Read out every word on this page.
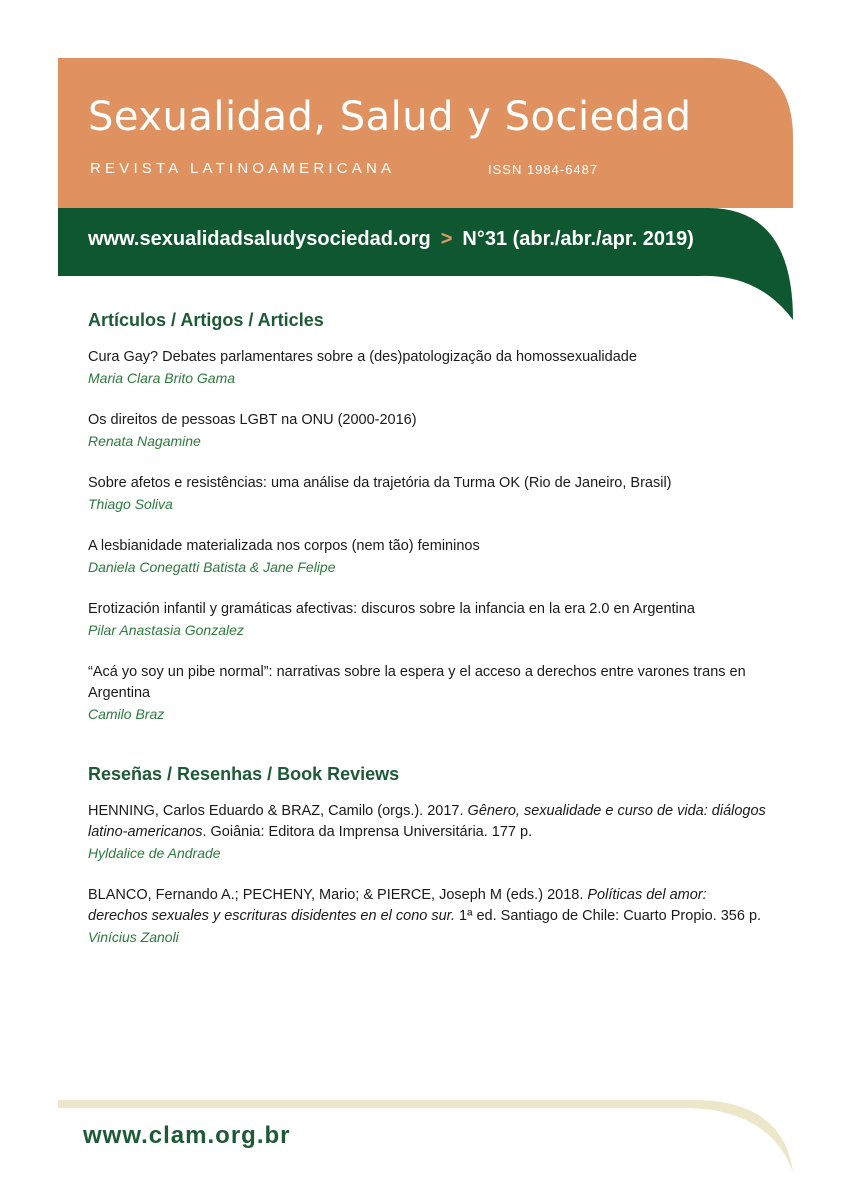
Sexualidad, Salud y Sociedad
REVISTA LATINOAMERICANA	ISSN 1984-6487
www.sexualidadsaludysociedad.org > N°31 (abr./abr./apr. 2019)
Artículos / Artigos / Articles
Cura Gay? Debates parlamentares sobre a (des)patologização da homossexualidade
Maria Clara Brito Gama
Os direitos de pessoas LGBT na ONU (2000-2016)
Renata Nagamine
Sobre afetos e resistências: uma análise da trajetória da Turma OK (Rio de Janeiro, Brasil)
Thiago Soliva
A lesbianidade materializada nos corpos (nem tão) femininos
Daniela Conegatti Batista & Jane Felipe
Erotización infantil y gramáticas afectivas: discuros sobre la infancia en la era 2.0 en Argentina
Pilar Anastasia Gonzalez
“Acá yo soy un pibe normal”: narrativas sobre la espera y el acceso a derechos entre varones trans en Argentina
Camilo Braz
Reseñas / Resenhas / Book Reviews
HENNING, Carlos Eduardo & BRAZ, Camilo (orgs.). 2017. Gênero, sexualidade e curso de vida: diálogos latino-americanos. Goiânia: Editora da Imprensa Universitária. 177 p.
Hyldalice de Andrade
BLANCO, Fernando A.; PECHENY, Mario; & PIERCE, Joseph M (eds.) 2018. Políticas del amor: derechos sexuales y escrituras disidentes en el cono sur. 1ª ed. Santiago de Chile: Cuarto Propio. 356 p.
Vinícius Zanoli
www.clam.org.br
